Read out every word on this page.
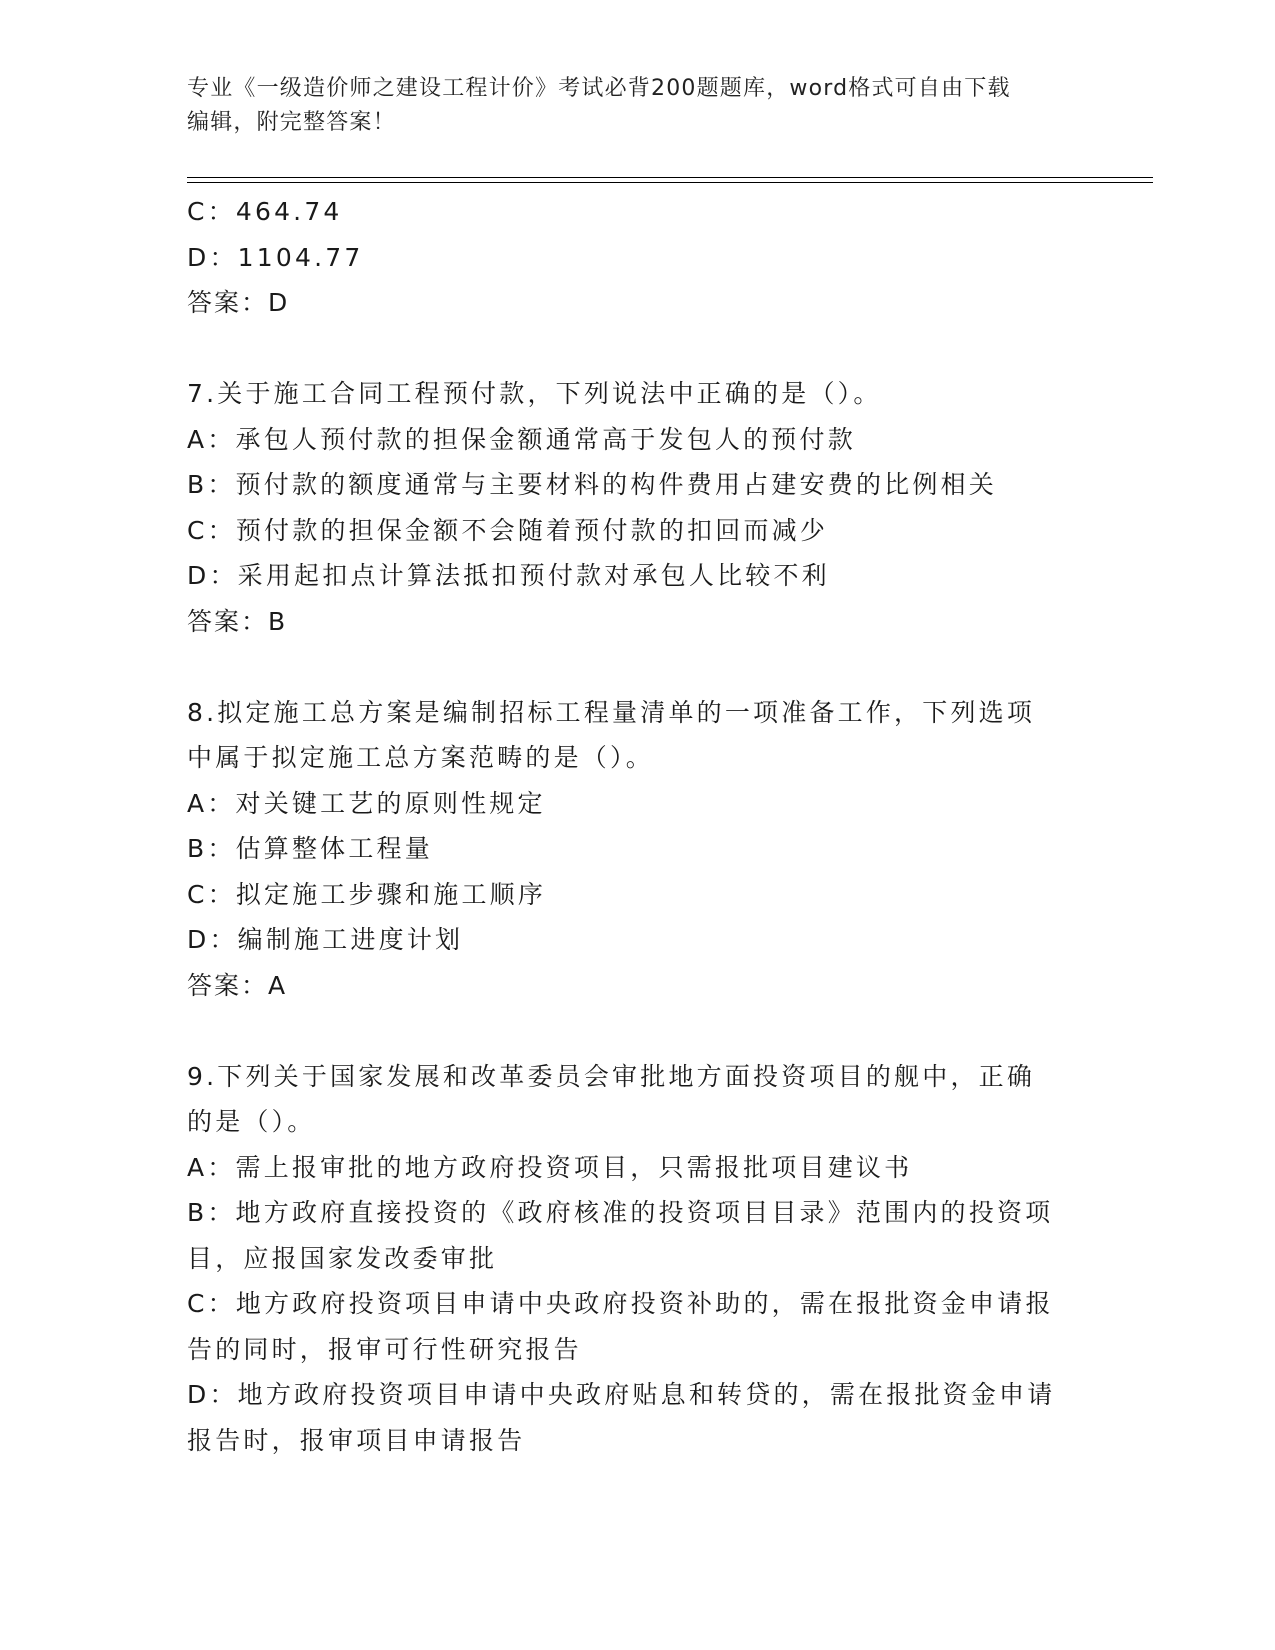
专业《一级造价师之建设工程计价》考试必背200题题库，word格式可自由下载
编辑，附完整答案！

C：464.74

D：1104.77

答案：D

7.关于施工合同工程预付款，下列说法中正确的是（）。

A：承包人预付款的担保金额通常高于发包人的预付款

B：预付款的额度通常与主要材料的构件费用占建安费的比例相关

C：预付款的担保金额不会随着预付款的扣回而减少

D：采用起扣点计算法抵扣预付款对承包人比较不利

答案：B

8.拟定施工总方案是编制招标工程量清单的一项准备工作，下列选项

中属于拟定施工总方案范畴的是（）。

A：对关键工艺的原则性规定

B：估算整体工程量

C：拟定施工步骤和施工顺序

D：编制施工进度计划

答案：A

9.下列关于国家发展和改革委员会审批地方面投资项目的舰中，正确

的是（）。

A：需上报审批的地方政府投资项目，只需报批项目建议书

B：地方政府直接投资的《政府核准的投资项目目录》范围内的投资项

目，应报国家发改委审批

C：地方政府投资项目申请中央政府投资补助的，需在报批资金申请报

告的同时，报审可行性研究报告

D：地方政府投资项目申请中央政府贴息和转贷的，需在报批资金申请

报告时，报审项目申请报告
